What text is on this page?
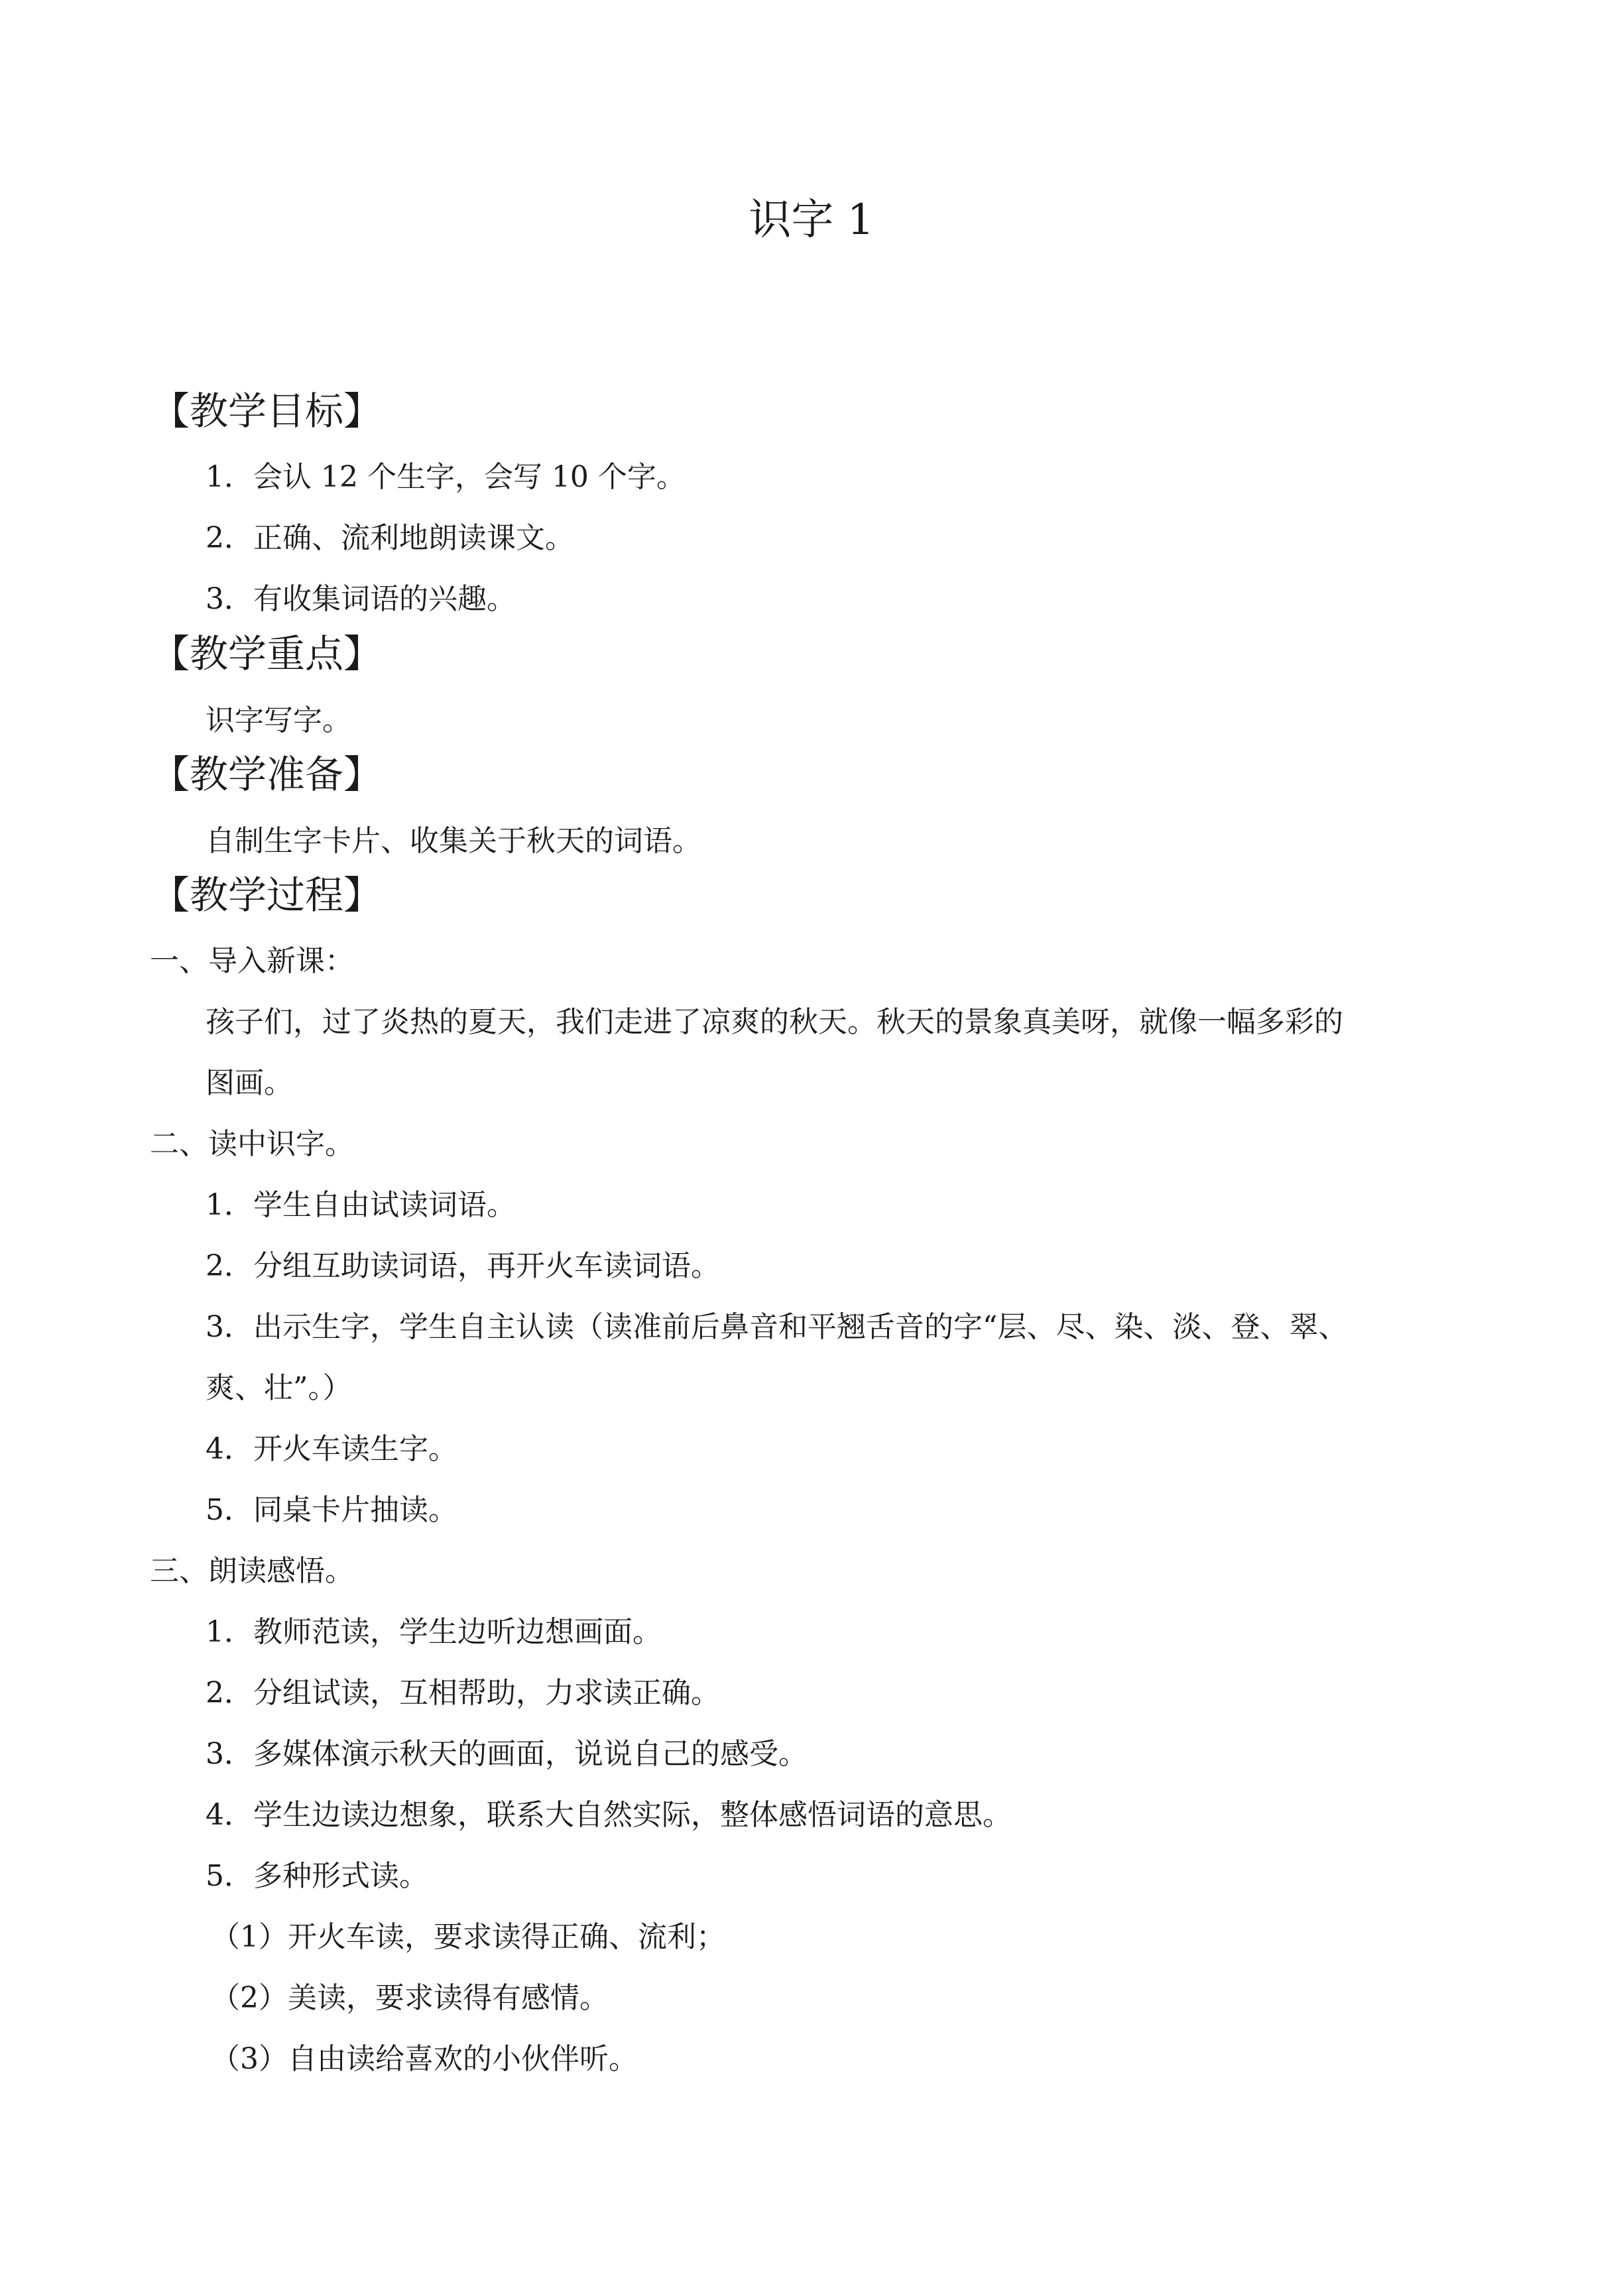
识字 1
【教学目标】
1．会认 12 个生字，会写 10 个字。
2．正确、流利地朗读课文。
3．有收集词语的兴趣。
【教学重点】
识字写字。
【教学准备】
自制生字卡片、收集关于秋天的词语。
【教学过程】
一、导入新课：
孩子们，过了炎热的夏天，我们走进了凉爽的秋天。秋天的景象真美呀，就像一幅多彩的
图画。
二、读中识字。
1．学生自由试读词语。
2．分组互助读词语，再开火车读词语。
3．出示生字，学生自主认读（读准前后鼻音和平翘舌音的字“层、尽、染、淡、登、翠、
爽、壮”。）
4．开火车读生字。
5．同桌卡片抽读。
三、朗读感悟。
1．教师范读，学生边听边想画面。
2．分组试读，互相帮助，力求读正确。
3．多媒体演示秋天的画面，说说自己的感受。
4．学生边读边想象，联系大自然实际，整体感悟词语的意思。
5．多种形式读。
（1）开火车读，要求读得正确、流利；
（2）美读，要求读得有感情。
（3）自由读给喜欢的小伙伴听。
